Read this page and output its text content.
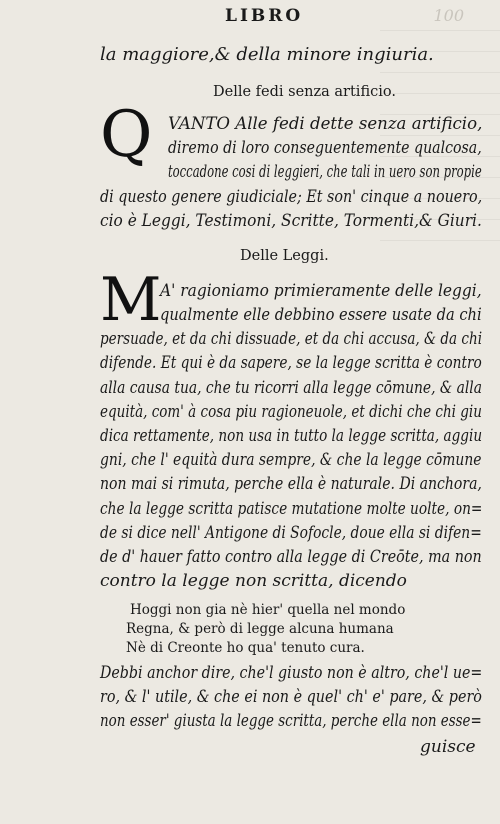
LIBRO	100
la maggiore,& della minore ingiuria.
Delle fedi senza artificio.
Q VANTO Alle fedi dette senza artificio,
diremo di loro conseguentemente qualcosa,
toccadone cosi di leggieri, che tali in uero son propie
di questo genere giudiciale; Et son' cinque a nouero,
cio è Leggi, Testimoni, Scritte, Tormenti,& Giuri.
Delle Leggi.
M
A' ragioniamo primieramente delle leggi,
qualmente elle debbino essere usate da chi
persuade, et da chi dissuade, et da chi accusa, & da chi
difende. Et qui è da sapere, se la legge scritta è contro
alla causa tua, che tu ricorri alla legge cōmune, & alla
equità, com' à cosa piu ragioneuole, et dichi che chi giu
dica rettamente, non usa in tutto la legge scritta, aggiu
gni, che l' equità dura sempre, & che la legge cōmune
non mai si rimuta, perche ella è naturale. Di anchora,
che la legge scritta patisce mutatione molte uolte, on=
de si dice nell' Antigone di Sofocle, doue ella si difen=
de d' hauer fatto contro alla legge di Creōte, ma non
contro la legge non scritta, dicendo
Hoggi non gia nè hier' quella nel mondo
Regna, & però di legge alcuna humana
Nè di Creonte ho qua' tenuto cura.
Debbi anchor dire, che'l giusto non è altro, che'l ue=
ro, & l' utile, & che ei non è quel' ch' e' pare, & però
non esser' giusta la legge scritta, perche ella non esse=
guisce
